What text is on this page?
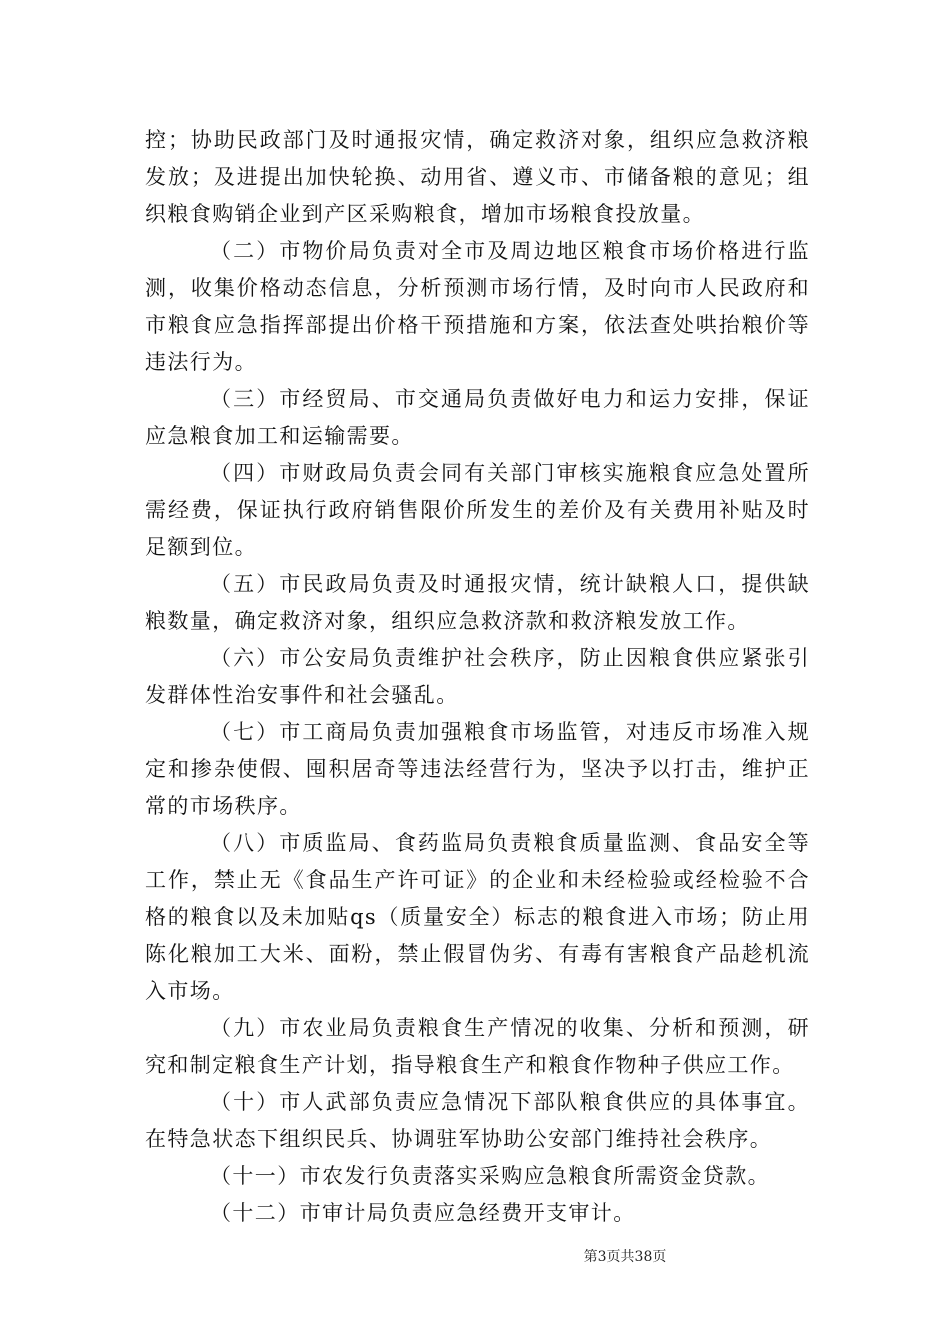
控；协助民政部门及时通报灾情，确定救济对象，组织应急救济粮发放；及进提出加快轮换、动用省、遵义市、市储备粮的意见；组织粮食购销企业到产区采购粮食，增加市场粮食投放量。

（二）市物价局负责对全市及周边地区粮食市场价格进行监测，收集价格动态信息，分析预测市场行情，及时向市人民政府和市粮食应急指挥部提出价格干预措施和方案，依法查处哄抬粮价等违法行为。

（三）市经贸局、市交通局负责做好电力和运力安排，保证应急粮食加工和运输需要。

（四）市财政局负责会同有关部门审核实施粮食应急处置所需经费，保证执行政府销售限价所发生的差价及有关费用补贴及时足额到位。

（五）市民政局负责及时通报灾情，统计缺粮人口，提供缺粮数量，确定救济对象，组织应急救济款和救济粮发放工作。

（六）市公安局负责维护社会秩序，防止因粮食供应紧张引发群体性治安事件和社会骚乱。

（七）市工商局负责加强粮食市场监管，对违反市场准入规定和掺杂使假、囤积居奇等违法经营行为，坚决予以打击，维护正常的市场秩序。

（八）市质监局、食药监局负责粮食质量监测、食品安全等工作，禁止无《食品生产许可证》的企业和未经检验或经检验不合格的粮食以及未加贴qs（质量安全）标志的粮食进入市场；防止用陈化粮加工大米、面粉，禁止假冒伪劣、有毒有害粮食产品趁机流入市场。

（九）市农业局负责粮食生产情况的收集、分析和预测，研究和制定粮食生产计划，指导粮食生产和粮食作物种子供应工作。

（十）市人武部负责应急情况下部队粮食供应的具体事宜。在特急状态下组织民兵、协调驻军协助公安部门维持社会秩序。

（十一）市农发行负责落实采购应急粮食所需资金贷款。

（十二）市审计局负责应急经费开支审计。

第3页共38页
